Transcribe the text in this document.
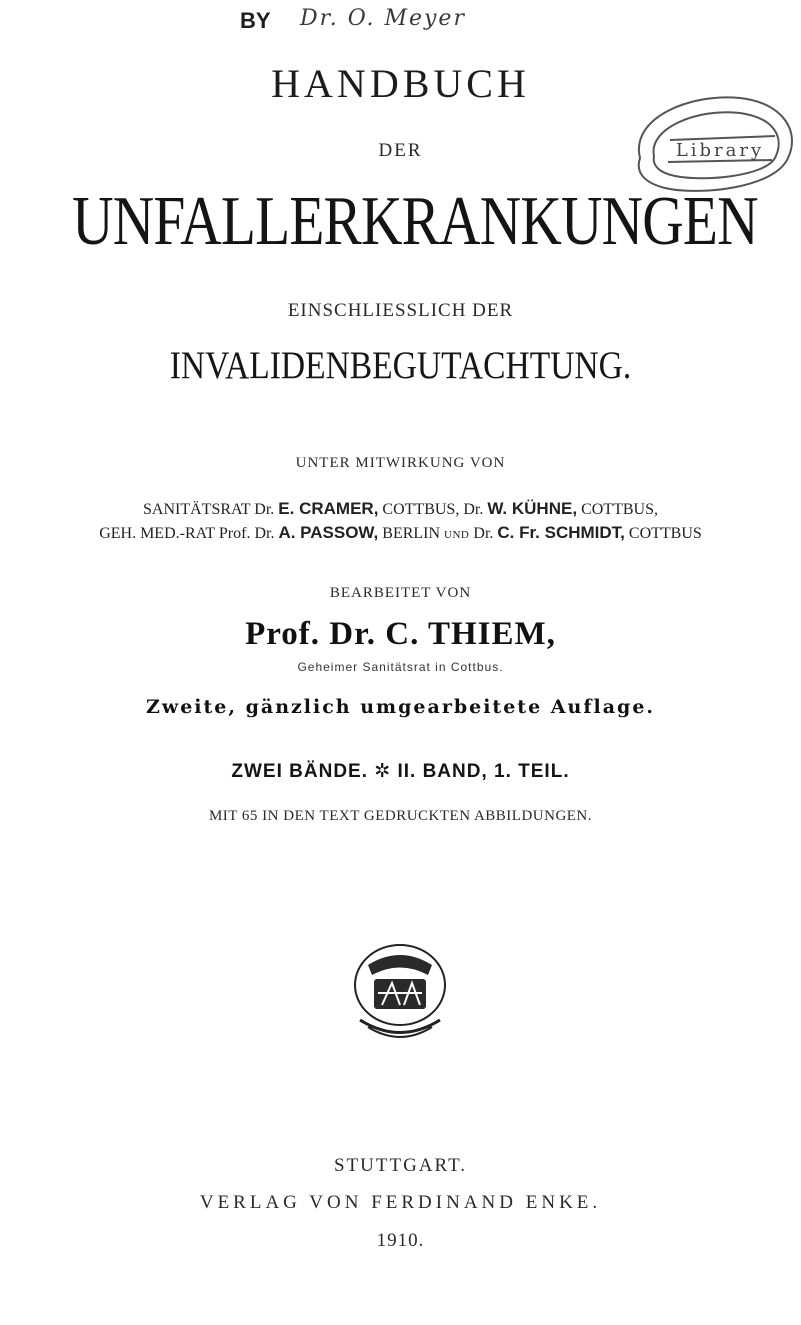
BY Dr. O. Meyer
HANDBUCH
DER
UNFALLERKRANKUNGEN
Library
EINSCHLIESSLICH DER
INVALIDENBEGUTACHTUNG.
UNTER MITWIRKUNG VON
SANITÄTSRAT Dr. E. CRAMER, COTTBUS, Dr. W. KÜHNE, COTTBUS,
GEH. MED.-RAT Prof. Dr. A. PASSOW, BERLIN UND Dr. C. Fr. SCHMIDT, COTTBUS
BEARBEITET VON
Prof. Dr. C. THIEM,
Geheimer Sanitätsrat in Cottbus.
Zweite, gänzlich umgearbeitete Auflage.
ZWEI BÄNDE. ✲ II. BAND, 1. TEIL.
MIT 65 IN DEN TEXT GEDRUCKTEN ABBILDUNGEN.
STUTTGART.
VERLAG VON FERDINAND ENKE.
1910.
